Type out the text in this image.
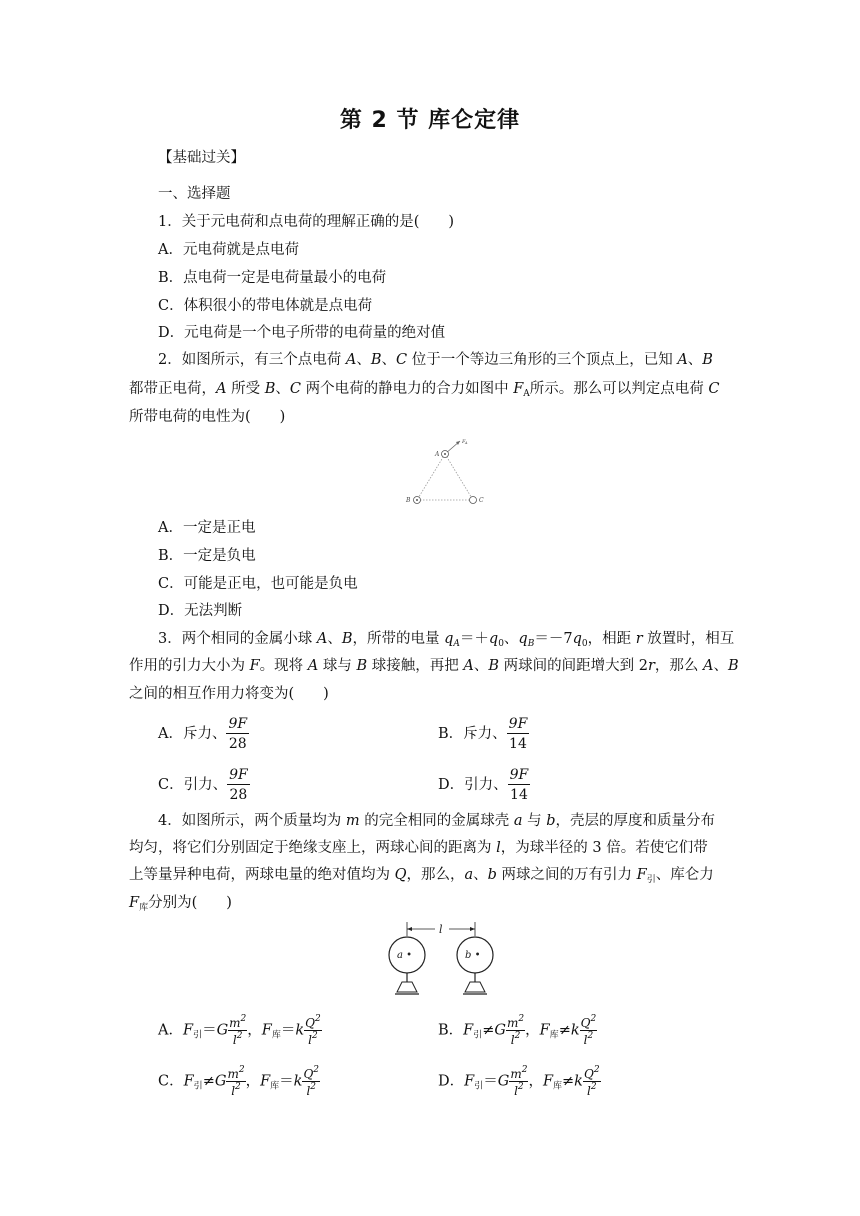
第 2 节 库仑定律
【基础过关】
一、选择题
1．关于元电荷和点电荷的理解正确的是(　　)
A．元电荷就是点电荷
B．点电荷一定是电荷量最小的电荷
C．体积很小的带电体就是点电荷
D．元电荷是一个电子所带的电荷量的绝对值
2．如图所示，有三个点电荷 A、B、C 位于一个等边三角形的三个顶点上，已知 A、B
都带正电荷，A 所受 B、C 两个电荷的静电力的合力如图中 $F_A$所示。那么可以判定点电荷 C
所带电荷的电性为(　　)
A
B	C
F A
A．一定是正电
B．一定是负电
C．可能是正电，也可能是负电
D．无法判断
3．两个相同的金属小球 A、B，所带的电量 $q_A=+q_0$、$q_B=-7q_0$，相距 r 放置时，相互
作用的引力大小为 F。现将 A 球与 B 球接触，再把 A、B 两球间的间距增大到 2r，那么 A、B
之间的相互作用力将变为(　　)
A．斥力、 $\frac{9F}{28}$	B．斥力、 $\frac{9F}{14}$
C．引力、 $\frac{9F}{28}$	D．引力、 $\frac{9F}{14}$
4．如图所示，两个质量均为 m 的完全相同的金属球壳 a 与 b，壳层的厚度和质量分布
均匀，将它们分别固定于绝缘支座上，两球心间的距离为 l，为球半径的 3 倍。若使它们带
上等量异种电荷，两球电量的绝对值均为 Q，那么，a、b 两球之间的万有引力 $F_引$、库仑力
$F_库$分别为(　　)
l
a •	b •
A．$F_引=G \frac{m^2}{l^2}$ ，$F_库=k \frac{Q^2}{l^2}$	B．$F_引\ne G \frac{m^2}{l^2}$ ，$F_库\ne k \frac{Q^2}{l^2}$
C．$F_引\ne G \frac{m^2}{l^2}$ ，$F_库=k \frac{Q^2}{l^2}$	D．$F_引=G \frac{m^2}{l^2}$ ，$F_库\ne k \frac{Q^2}{l^2}$
